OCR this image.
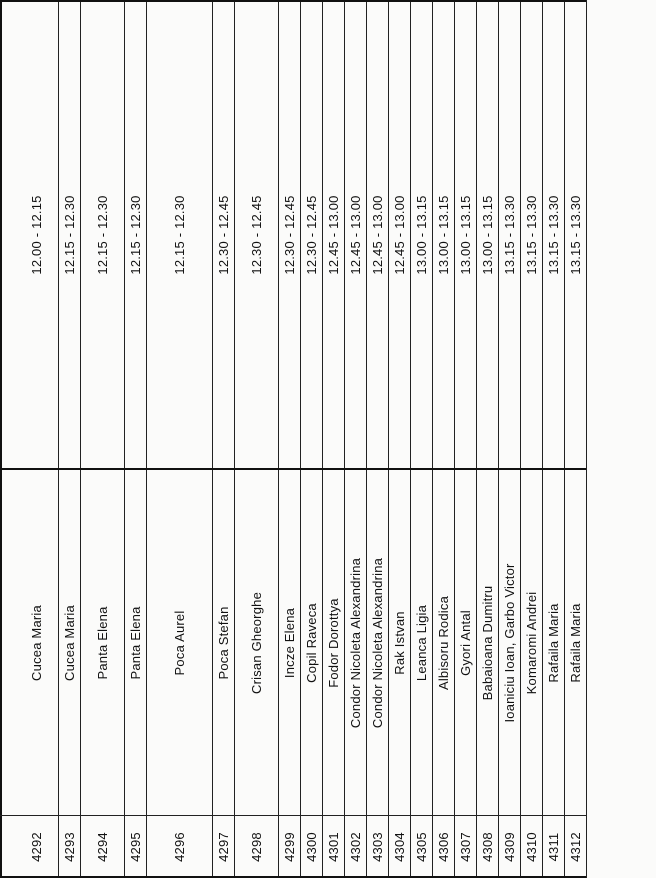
4292
Cucea Maria
12.00 - 12.15
4293
Cucea Maria
12.15 - 12.30
4294
Panta Elena
12.15 - 12.30
4295
Panta Elena
12.15 - 12.30
4296
Poca Aurel
12.15 - 12.30
4297
Poca Stefan
12.30 - 12.45
4298
Crisan Gheorghe
12.30 - 12.45
4299
Incze Elena
12.30 - 12.45
4300
Copil Raveca
12.30 - 12.45
4301
Fodor Dorottya
12.45 - 13.00
4302
Condor Nicoleta Alexandrina
12.45 - 13.00
4303
Condor Nicoleta Alexandrina
12.45 - 13.00
4304
Rak Istvan
12.45 - 13.00
4305
Leanca Ligia
13.00 - 13.15
4306
Albisoru Rodica
13.00 - 13.15
4307
Gyori Antal
13.00 - 13.15
4308
Babaioana Dumitru
13.00 - 13.15
4309
Ioaniciu Ioan, Garbo Victor
13.15 - 13.30
4310
Komaromi Andrei
13.15 - 13.30
4311
Rafaila Maria
13.15 - 13.30
4312
Rafaila Maria
13.15 - 13.30
